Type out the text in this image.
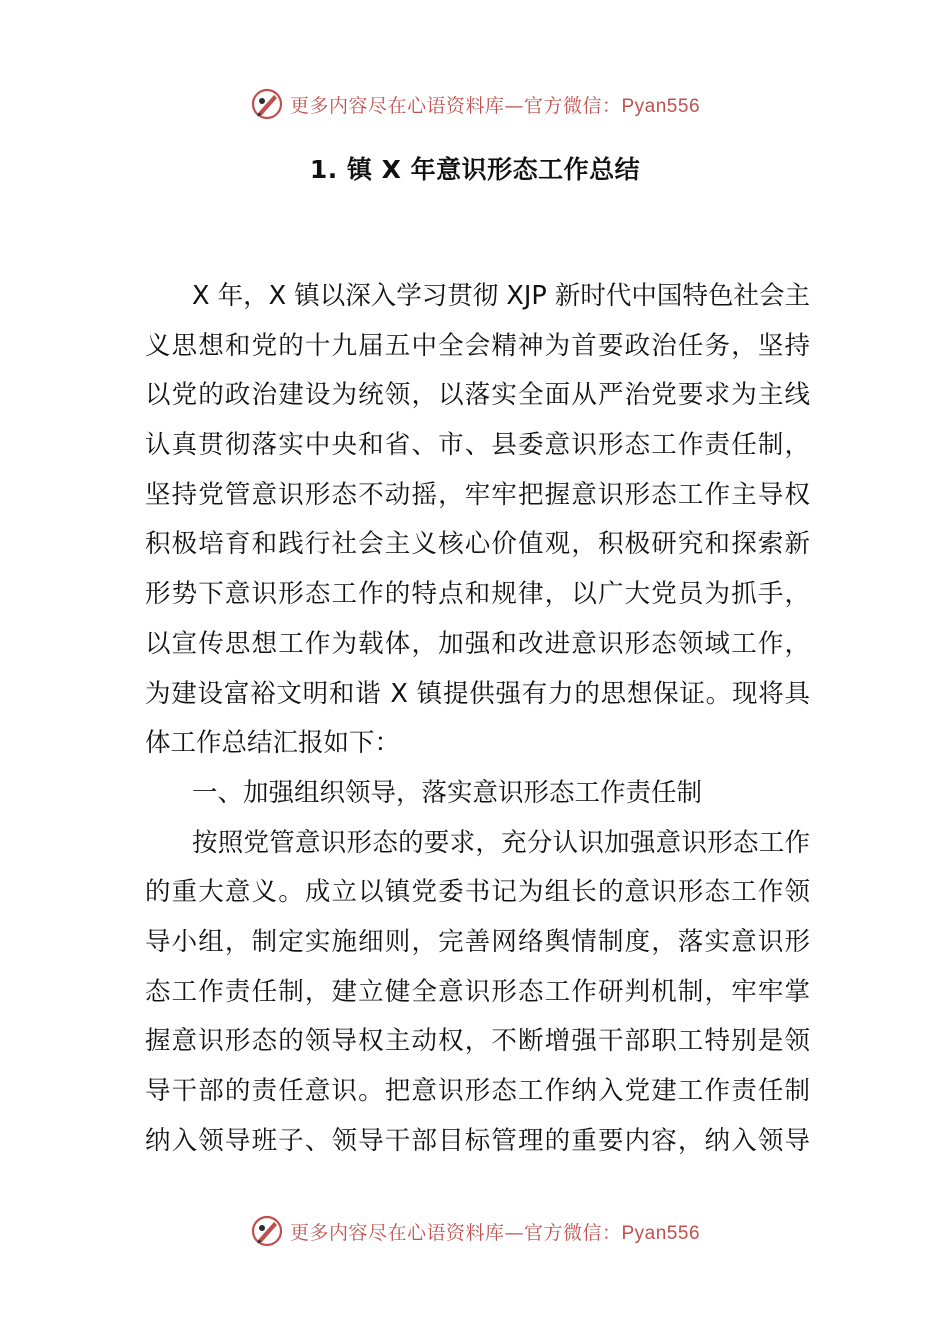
更多内容尽在心语资料库—官方微信：Pyan556
1. 镇 X 年意识形态工作总结
X 年，X 镇以深入学习贯彻 XJP 新时代中国特色社会主
义思想和党的十九届五中全会精神为首要政治任务，坚持
以党的政治建设为统领，以落实全面从严治党要求为主线
认真贯彻落实中央和省、市、县委意识形态工作责任制，
坚持党管意识形态不动摇，牢牢把握意识形态工作主导权
积极培育和践行社会主义核心价值观，积极研究和探索新
形势下意识形态工作的特点和规律，以广大党员为抓手，
以宣传思想工作为载体，加强和改进意识形态领域工作，
为建设富裕文明和谐 X 镇提供强有力的思想保证。现将具
体工作总结汇报如下：
一、加强组织领导，落实意识形态工作责任制
按照党管意识形态的要求，充分认识加强意识形态工作
的重大意义。成立以镇党委书记为组长的意识形态工作领
导小组，制定实施细则，完善网络舆情制度，落实意识形
态工作责任制，建立健全意识形态工作研判机制，牢牢掌
握意识形态的领导权主动权，不断增强干部职工特别是领
导干部的责任意识。把意识形态工作纳入党建工作责任制
纳入领导班子、领导干部目标管理的重要内容，纳入领导
更多内容尽在心语资料库—官方微信：Pyan556
